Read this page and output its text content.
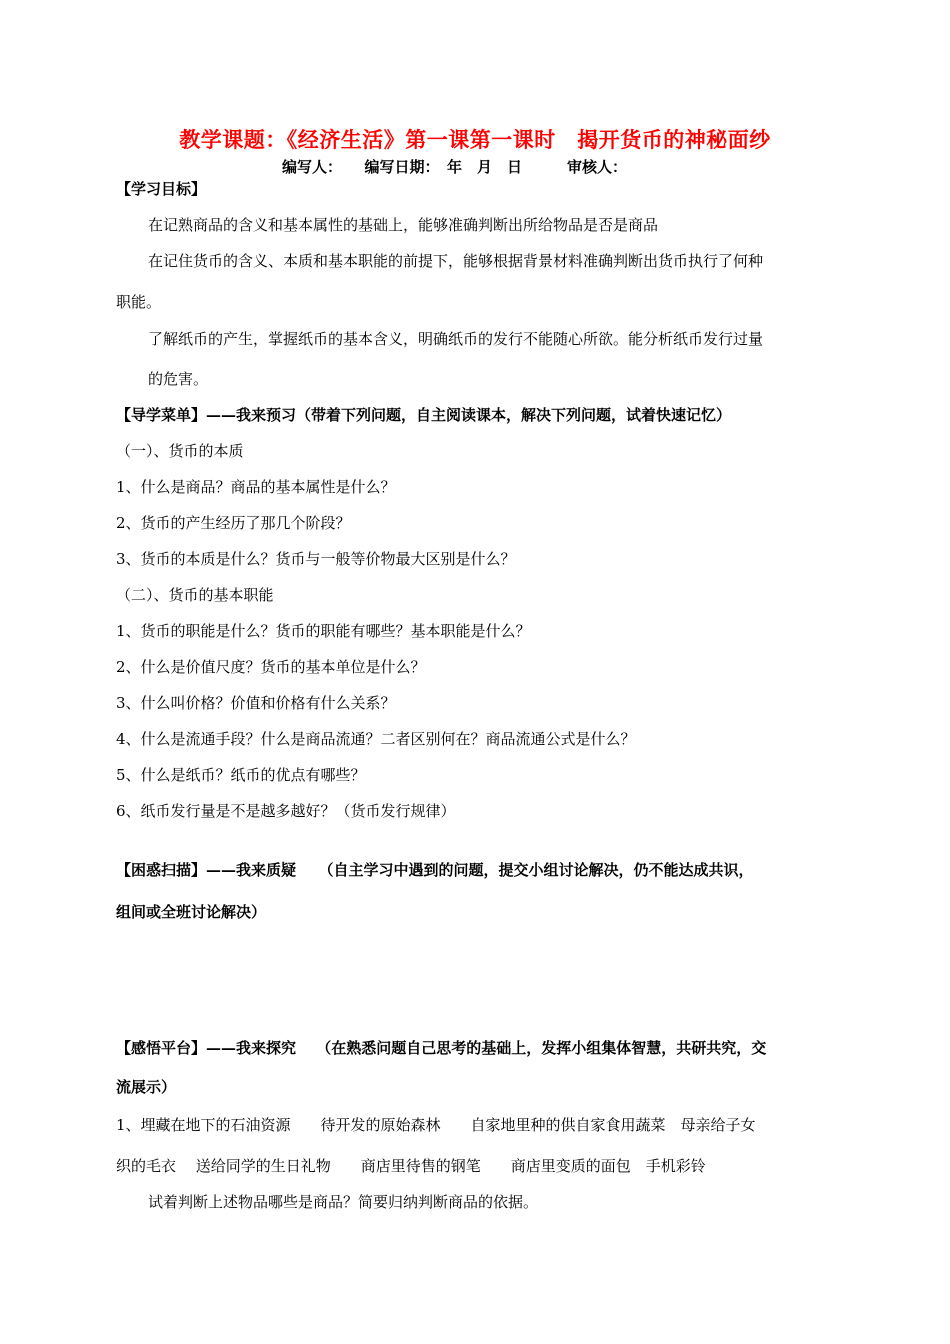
教学课题：《经济生活》第一课第一课时　揭开货币的神秘面纱
编写人：　　编写日期：　年　月　日　　　审核人：
【学习目标】
在记熟商品的含义和基本属性的基础上，能够准确判断出所给物品是否是商品
在记住货币的含义、本质和基本职能的前提下，能够根据背景材料准确判断出货币执行了何种
职能。
了解纸币的产生，掌握纸币的基本含义，明确纸币的发行不能随心所欲。能分析纸币发行过量
的危害。
【导学菜单】——我来预习（带着下列问题，自主阅读课本，解决下列问题，试着快速记忆）
（一）、货币的本质
1、什么是商品？商品的基本属性是什么？
2、货币的产生经历了那几个阶段？
3、货币的本质是什么？货币与一般等价物最大区别是什么？
（二）、货币的基本职能
1、货币的职能是什么？货币的职能有哪些？基本职能是什么？
2、什么是价值尺度？货币的基本单位是什么？
3、什么叫价格？价值和价格有什么关系？
4、什么是流通手段？什么是商品流通？二者区别何在？商品流通公式是什么？
5、什么是纸币？纸币的优点有哪些？
6、纸币发行量是不是越多越好？（货币发行规律）
【困惑扫描】——我来质疑　　（自主学习中遇到的问题，提交小组讨论解决，仍不能达成共识，
组间或全班讨论解决）
【感悟平台】——我来探究　 （在熟悉问题自己思考的基础上，发挥小组集体智慧，共研共究，交
流展示）
1、埋藏在地下的石油资源　　待开发的原始森林　　自家地里种的供自家食用蔬菜　母亲给子女
织的毛衣　 送给同学的生日礼物　　商店里待售的钢笔　　商店里变质的面包　手机彩铃
试着判断上述物品哪些是商品？简要归纳判断商品的依据。
